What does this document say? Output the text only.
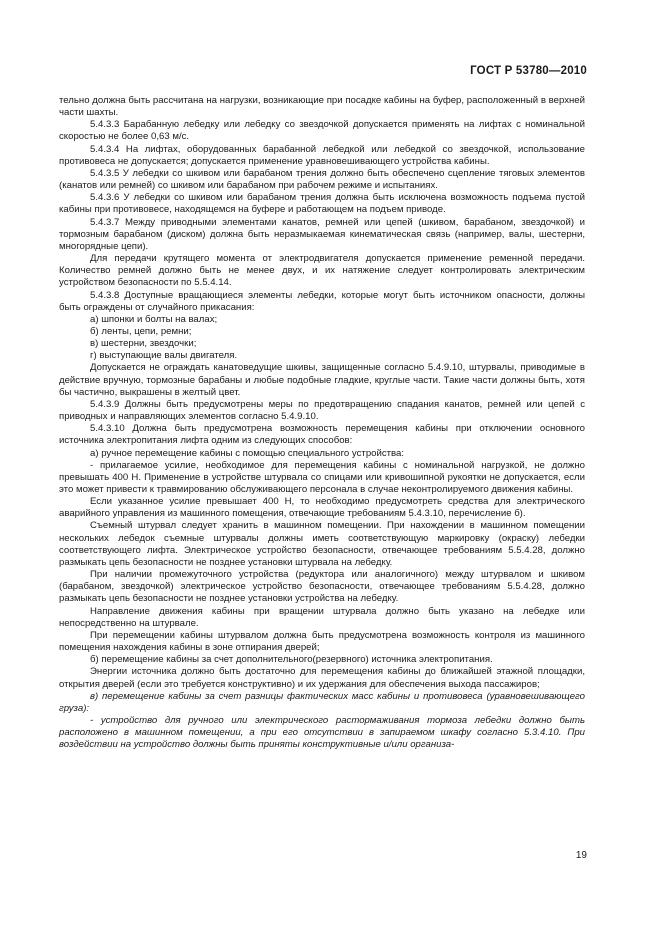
ГОСТ Р 53780—2010

тельно должна быть рассчитана на нагрузки, возникающие при посадке кабины на буфер, расположенный в верхней части шахты.

5.4.3.3 Барабанную лебедку или лебедку со звездочкой допускается применять на лифтах с номинальной скоростью не более 0,63 м/с.

5.4.3.4 На лифтах, оборудованных барабанной лебедкой или лебедкой со звездочкой, использование противовеса не допускается; допускается применение уравновешивающего устройства кабины.

5.4.3.5 У лебедки со шкивом или барабаном трения должно быть обеспечено сцепление тяговых элементов (канатов или ремней) со шкивом или барабаном при рабочем режиме и испытаниях.

5.4.3.6 У лебедки со шкивом или барабаном трения должна быть исключена возможность подъема пустой кабины при противовесе, находящемся на буфере и работающем на подъем приводе.

5.4.3.7 Между приводными элементами канатов, ремней или цепей (шкивом, барабаном, звездочкой) и тормозным барабаном (диском) должна быть неразмыкаемая кинематическая связь (например, валы, шестерни, многорядные цепи).

Для передачи крутящего момента от электродвигателя допускается применение ременной передачи. Количество ремней должно быть не менее двух, и их натяжение следует контролировать электрическим устройством безопасности по 5.5.4.14.

5.4.3.8 Доступные вращающиеся элементы лебедки, которые могут быть источником опасности, должны быть ограждены от случайного прикасания:

а) шпонки и болты на валах;

б) ленты, цепи, ремни;

в) шестерни, звездочки;

г) выступающие валы двигателя.

Допускается не ограждать канатоведущие шкивы, защищенные согласно 5.4.9.10, штурвалы, приводимые в действие вручную, тормозные барабаны и любые подобные гладкие, круглые части. Такие части должны быть, хотя бы частично, выкрашены в желтый цвет.

5.4.3.9 Должны быть предусмотрены меры по предотвращению спадания канатов, ремней или цепей с приводных и направляющих элементов согласно 5.4.9.10.

5.4.3.10 Должна быть предусмотрена возможность перемещения кабины при отключении основного источника электропитания лифта одним из следующих способов:

а) ручное перемещение кабины с помощью специального устройства:

- прилагаемое усилие, необходимое для перемещения кабины с номинальной нагрузкой, не должно превышать 400 Н. Применение в устройстве штурвала со спицами или кривошипной рукоятки не допускается, если это может привести к травмированию обслуживающего персонала в случае неконтролируемого движения кабины.

Если указанное усилие превышает 400 Н, то необходимо предусмотреть средства для электрического аварийного управления из машинного помещения, отвечающие требованиям 5.4.3.10, перечисление б).

Съемный штурвал следует хранить в машинном помещении. При нахождении в машинном помещении нескольких лебедок съемные штурвалы должны иметь соответствующую маркировку (окраску) лебедки соответствующего лифта. Электрическое устройство безопасности, отвечающее требованиям 5.5.4.28, должно размыкать цепь безопасности не позднее установки штурвала на лебедку.

При наличии промежуточного устройства (редуктора или аналогичного) между штурвалом и шкивом (барабаном, звездочкой) электрическое устройство безопасности, отвечающее требованиям 5.5.4.28, должно размыкать цепь безопасности не позднее установки устройства на лебедку.

Направление движения кабины при вращении штурвала должно быть указано на лебедке или непосредственно на штурвале.

При перемещении кабины штурвалом должна быть предусмотрена возможность контроля из машинного помещения нахождения кабины в зоне отпирания дверей;

б) перемещение кабины за счет дополнительного(резервного) источника электропитания.

Энергии источника должно быть достаточно для перемещения кабины до ближайшей этажной площадки, открытия дверей (если это требуется конструктивно) и их удержания для обеспечения выхода пассажиров;

в) перемещение кабины за счет разницы фактических масс кабины и противовеса (уравновешивающего груза):

- устройство для ручного или электрического растормаживания тормоза лебедки должно быть расположено в машинном помещении, а при его отсутствии в запираемом шкафу согласно 5.3.4.10. При воздействии на устройство должны быть приняты конструктивные и/или организа-

19
